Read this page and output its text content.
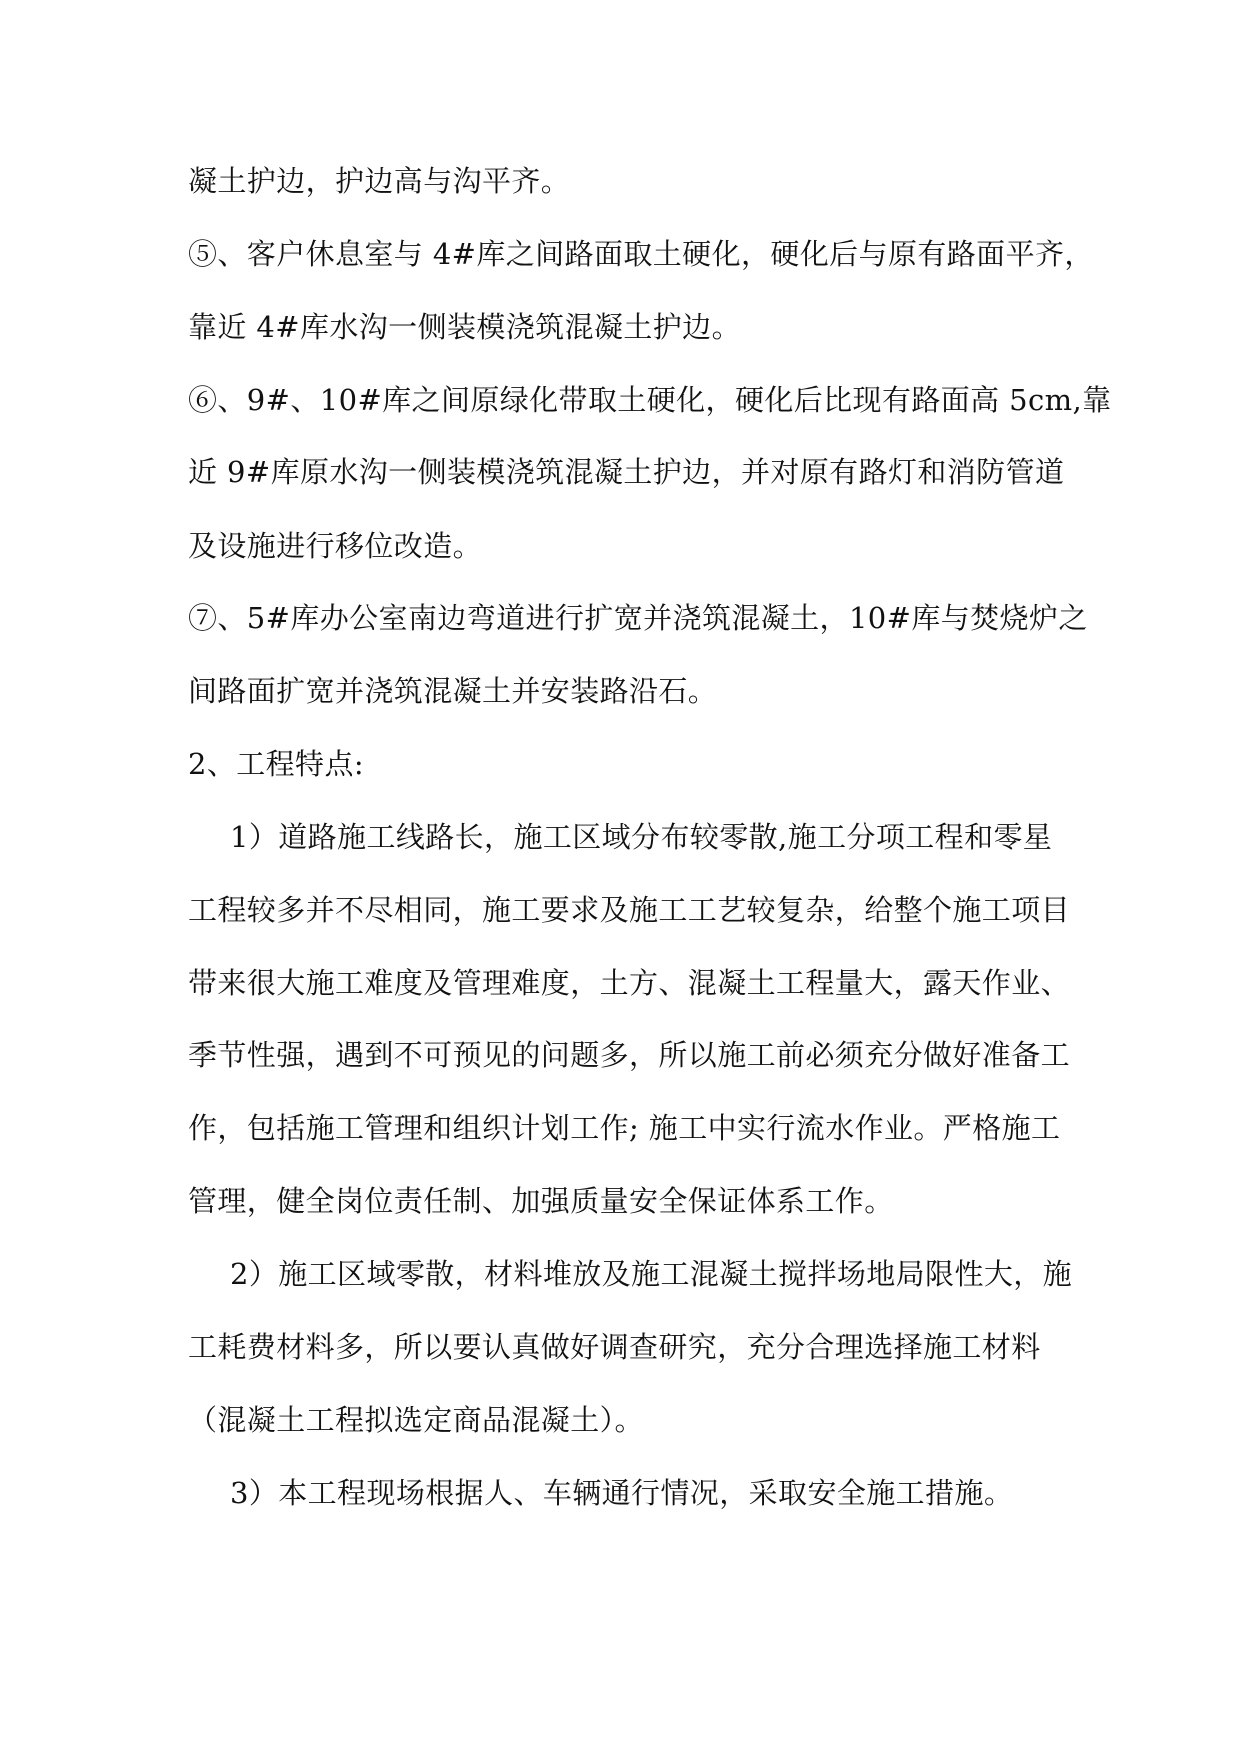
凝土护边，护边高与沟平齐。

⑤、客户休息室与 4#库之间路面取土硬化，硬化后与原有路面平齐，

靠近 4#库水沟一侧装模浇筑混凝土护边。

⑥、9#、10#库之间原绿化带取土硬化，硬化后比现有路面高 5cm,靠

近 9#库原水沟一侧装模浇筑混凝土护边，并对原有路灯和消防管道

及设施进行移位改造。

⑦、5#库办公室南边弯道进行扩宽并浇筑混凝土，10#库与焚烧炉之

间路面扩宽并浇筑混凝土并安装路沿石。

2、工程特点:

1）道路施工线路长，施工区域分布较零散,施工分项工程和零星

工程较多并不尽相同，施工要求及施工工艺较复杂，给整个施工项目

带来很大施工难度及管理难度，土方、混凝土工程量大，露天作业、

季节性强，遇到不可预见的问题多，所以施工前必须充分做好准备工

作，包括施工管理和组织计划工作; 施工中实行流水作业。严格施工

管理，健全岗位责任制、加强质量安全保证体系工作。

2）施工区域零散，材料堆放及施工混凝土搅拌场地局限性大，施

工耗费材料多，所以要认真做好调查研究，充分合理选择施工材料

（混凝土工程拟选定商品混凝土）。

3）本工程现场根据人、车辆通行情况，采取安全施工措施。
